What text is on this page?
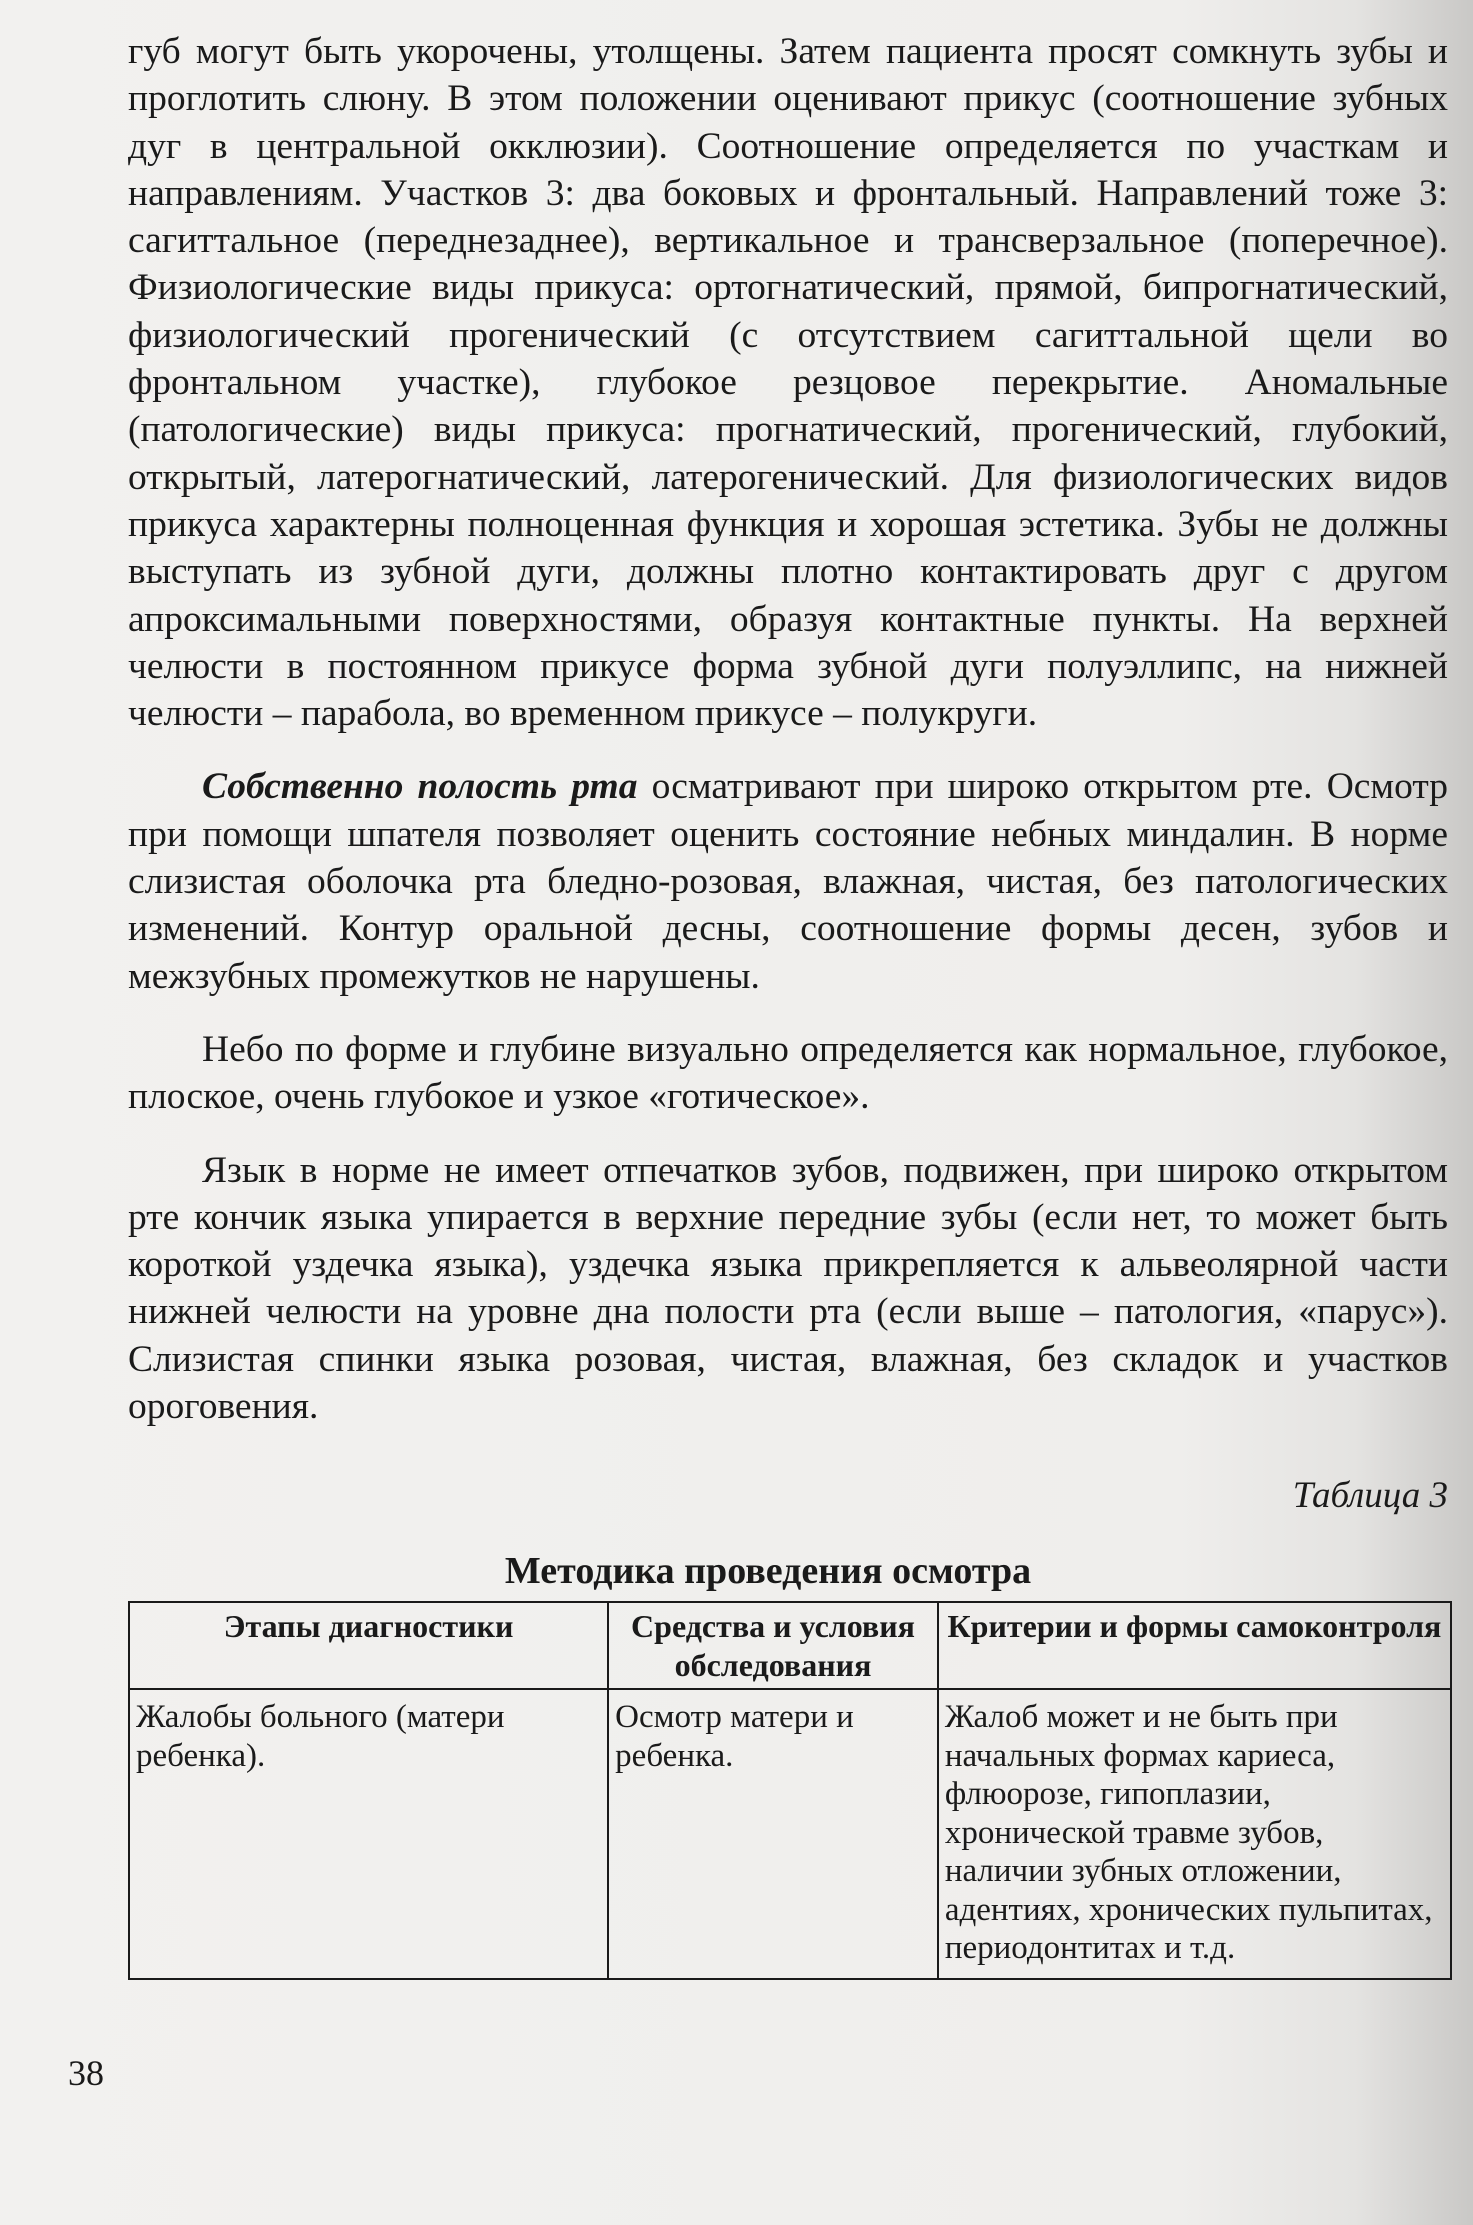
губ могут быть укорочены, утолщены. Затем пациента просят сомкнуть зубы и проглотить слюну. В этом положении оценивают прикус (соотношение зубных дуг в центральной окклюзии). Соотношение определяется по участкам и направлениям. Участков 3: два боковых и фронтальный. Направлений тоже 3: сагиттальное (переднезаднее), вертикальное и трансверзальное (поперечное). Физиологические виды прикуса: ортогнатический, прямой, бипрогнатический, физиологический прогенический (с отсутствием сагиттальной щели во фронтальном участке), глубокое резцовое перекрытие. Аномальные (патологические) виды прикуса: прогнатический, прогенический, глубокий, открытый, латерогнатический, латерогенический. Для физиологических видов прикуса характерны полноценная функция и хорошая эстетика. Зубы не должны выступать из зубной дуги, должны плотно контактировать друг с другом апроксимальными поверхностями, образуя контактные пункты. На верхней челюсти в постоянном прикусе форма зубной дуги полуэллипс, на нижней челюсти – парабола, во временном прикусе – полукруги.

Собственно полость рта осматривают при широко открытом рте. Осмотр при помощи шпателя позволяет оценить состояние небных миндалин. В норме слизистая оболочка рта бледно-розовая, влажная, чистая, без патологических изменений. Контур оральной десны, соотношение формы десен, зубов и межзубных промежутков не нарушены.

Небо по форме и глубине визуально определяется как нормальное, глубокое, плоское, очень глубокое и узкое «готическое».

Язык в норме не имеет отпечатков зубов, подвижен, при широко открытом рте кончик языка упирается в верхние передние зубы (если нет, то может быть короткой уздечка языка), уздечка языка прикрепляется к альвеолярной части нижней челюсти на уровне дна полости рта (если выше – патология, «парус»). Слизистая спинки языка розовая, чистая, влажная, без складок и участков ороговения.

Таблица 3
Методика проведения осмотра
Этапы диагностики	Средства и условия обследования	Критерии и формы самоконтроля
Жалобы больного (матери ребенка).	Осмотр матери и ребенка.	Жалоб может и не быть при начальных формах кариеса, флюорозе, гипоплазии, хронической травме зубов, наличии зубных отложении, адентиях, хронических пульпитах, периодонтитах и т.д.
38
